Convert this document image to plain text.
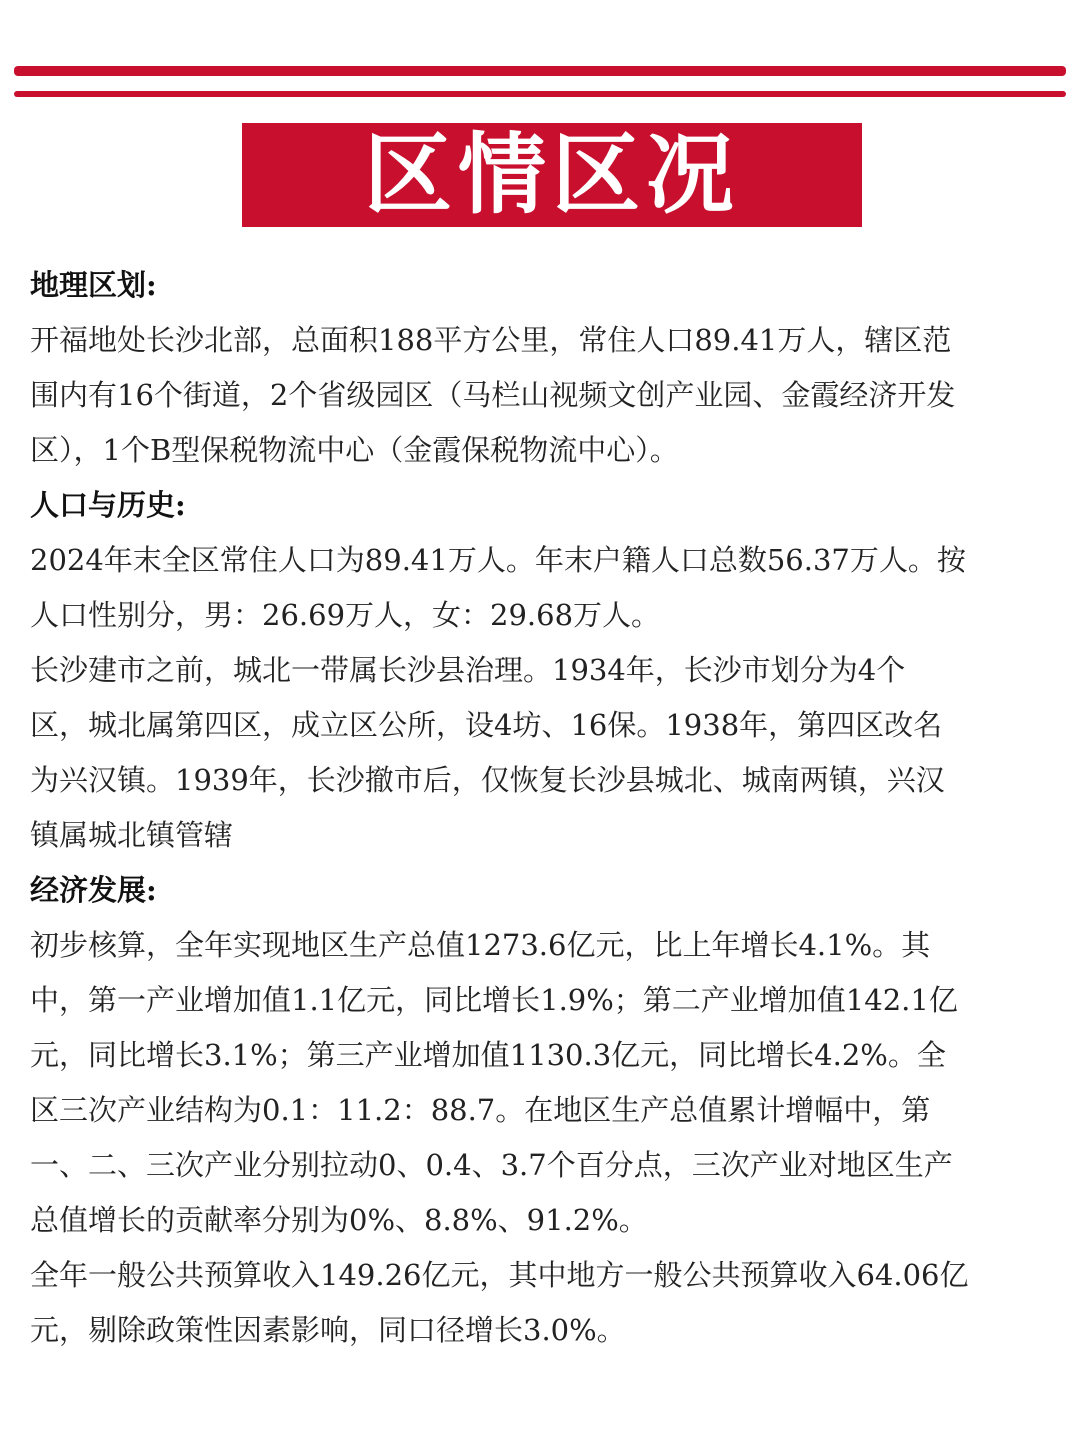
区情区况
地理区划:
开福地处长沙北部，总面积188平方公里，常住人口89.41万人，辖区范
围内有16个街道，2个省级园区（马栏山视频文创产业园、金霞经济开发
区），1个B型保税物流中心（金霞保税物流中心）。
人口与历史:
2024年末全区常住人口为89.41万人。年末户籍人口总数56.37万人。按
人口性别分，男：26.69万人，女：29.68万人。
长沙建市之前，城北一带属长沙县治理。1934年，长沙市划分为4个
区，城北属第四区，成立区公所，设4坊、16保。1938年，第四区改名
为兴汉镇。1939年，长沙撤市后，仅恢复长沙县城北、城南两镇，兴汉
镇属城北镇管辖
经济发展:
初步核算，全年实现地区生产总值1273.6亿元，比上年增长4.1%。其
中，第一产业增加值1.1亿元，同比增长1.9%；第二产业增加值142.1亿
元，同比增长3.1%；第三产业增加值1130.3亿元，同比增长4.2%。全
区三次产业结构为0.1：11.2：88.7。在地区生产总值累计增幅中，第
一、二、三次产业分别拉动0、0.4、3.7个百分点，三次产业对地区生产
总值增长的贡献率分别为0%、8.8%、91.2%。
全年一般公共预算收入149.26亿元，其中地方一般公共预算收入64.06亿
元，剔除政策性因素影响，同口径增长3.0%。
